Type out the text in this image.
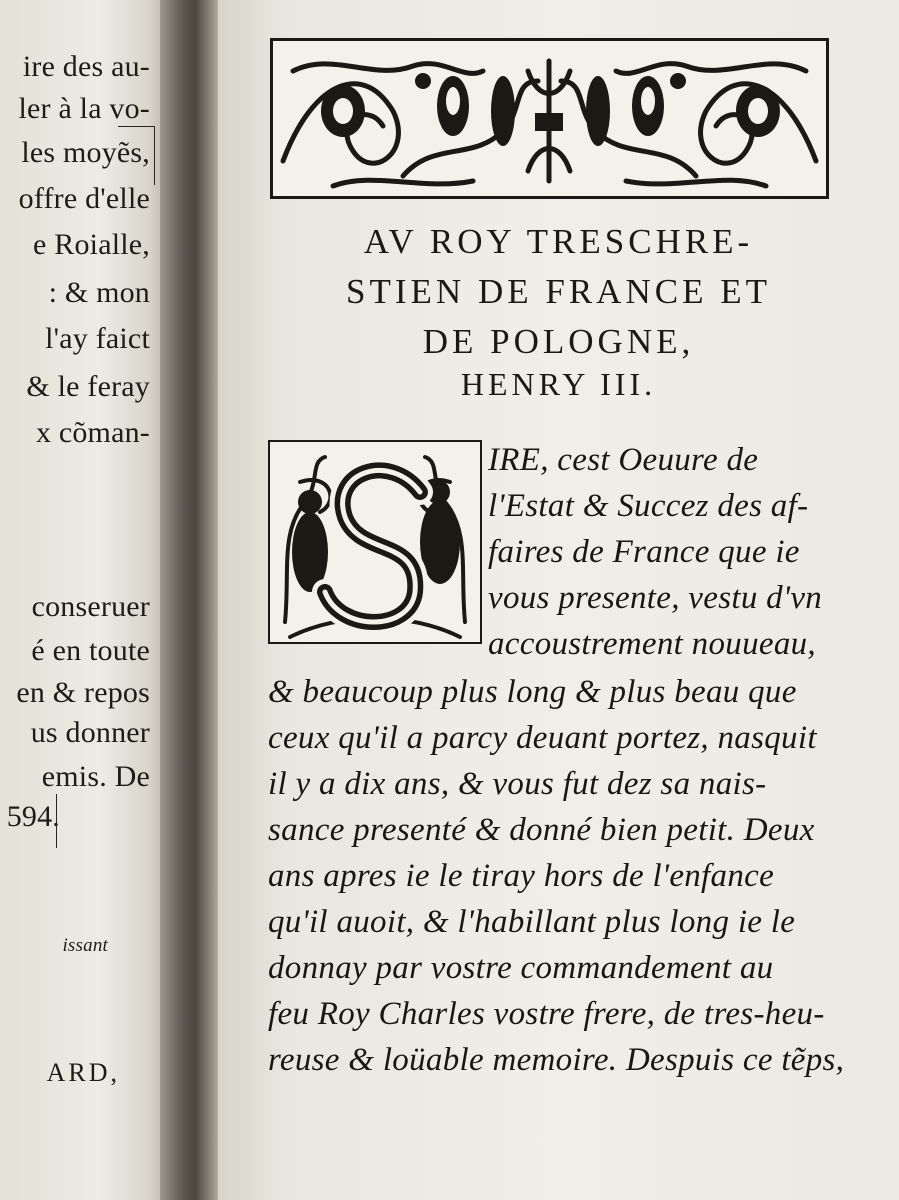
ire des au-
ler à la vo-
les moyẽs,
offre d'elle
e Roialle,
: & mon
l'ay faict
& le feray
x cõman-
conseruer
é en toute
en & repos
us donner
emis. De
594.
issant
ARD,
AV ROY TRESCHRE-
STIEN DE FRANCE ET
DE POLOGNE,
HENRY III.
IRE, cest Oeuure de
l'Estat & Succez des af-
faires de France que ie
vous presente, vestu d'vn
accoustrement nouueau,
& beaucoup plus long & plus beau que
ceux qu'il a parcy deuant portez, nasquit
il y a dix ans, & vous fut dez sa nais-
sance presenté & donné bien petit. Deux
ans apres ie le tiray hors de l'enfance
qu'il auoit, & l'habillant plus long ie le
donnay par vostre commandement au
feu Roy Charles vostre frere, de tres-heu-
reuse & loüable memoire. Despuis ce tẽps,
